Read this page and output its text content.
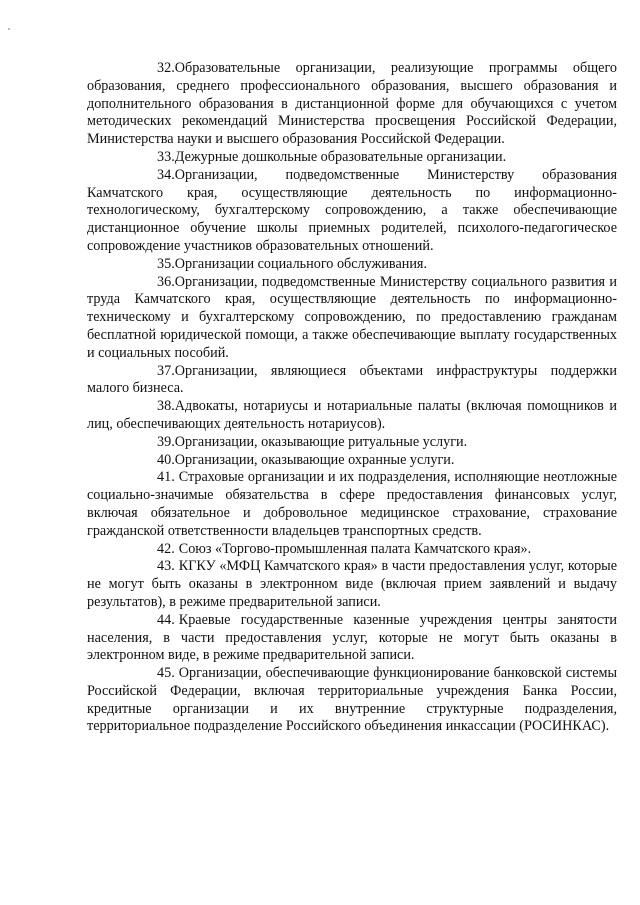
32.Образовательные организации, реализующие программы общего образования, среднего профессионального образования, высшего образования и дополнительного образования в дистанционной форме для обучающихся с учетом методических рекомендаций Министерства просвещения Российской Федерации, Министерства науки и высшего образования Российской Федерации.

33.Дежурные дошкольные образовательные организации.

34.Организации, подведомственные Министерству образования Камчатского края, осуществляющие деятельность по информационно-технологическому, бухгалтерскому сопровождению, а также обеспечивающие дистанционное обучение школы приемных родителей, психолого-педагогическое сопровождение участников образовательных отношений.

35.Организации социального обслуживания.

36.Организации, подведомственные Министерству социального развития и труда Камчатского края, осуществляющие деятельность по информационно-техническому и бухгалтерскому сопровождению, по предоставлению гражданам бесплатной юридической помощи, а также обеспечивающие выплату государственных и социальных пособий.

37.Организации, являющиеся объектами инфраструктуры поддержки малого бизнеса.

38.Адвокаты, нотариусы и нотариальные палаты (включая помощников и лиц, обеспечивающих деятельность нотариусов).

39.Организации, оказывающие ритуальные услуги.

40.Организации, оказывающие охранные услуги.

41. Страховые организации и их подразделения, исполняющие неотложные социально-значимые обязательства в сфере предоставления финансовых услуг, включая обязательное и добровольное медицинское страхование, страхование гражданской ответственности владельцев транспортных средств.

42. Союз «Торгово-промышленная палата Камчатского края».

43. КГКУ «МФЦ Камчатского края» в части предоставления услуг, которые не могут быть оказаны в электронном виде (включая прием заявлений и выдачу результатов), в режиме предварительной записи.

44. Краевые государственные казенные учреждения центры занятости населения, в части предоставления услуг, которые не могут быть оказаны в электронном виде, в режиме предварительной записи.

45. Организации, обеспечивающие функционирование банковской системы Российской Федерации, включая территориальные учреждения Банка России, кредитные организации и их внутренние структурные подразделения, территориальное подразделение Российского объединения инкассации (РОСИНКАС).
